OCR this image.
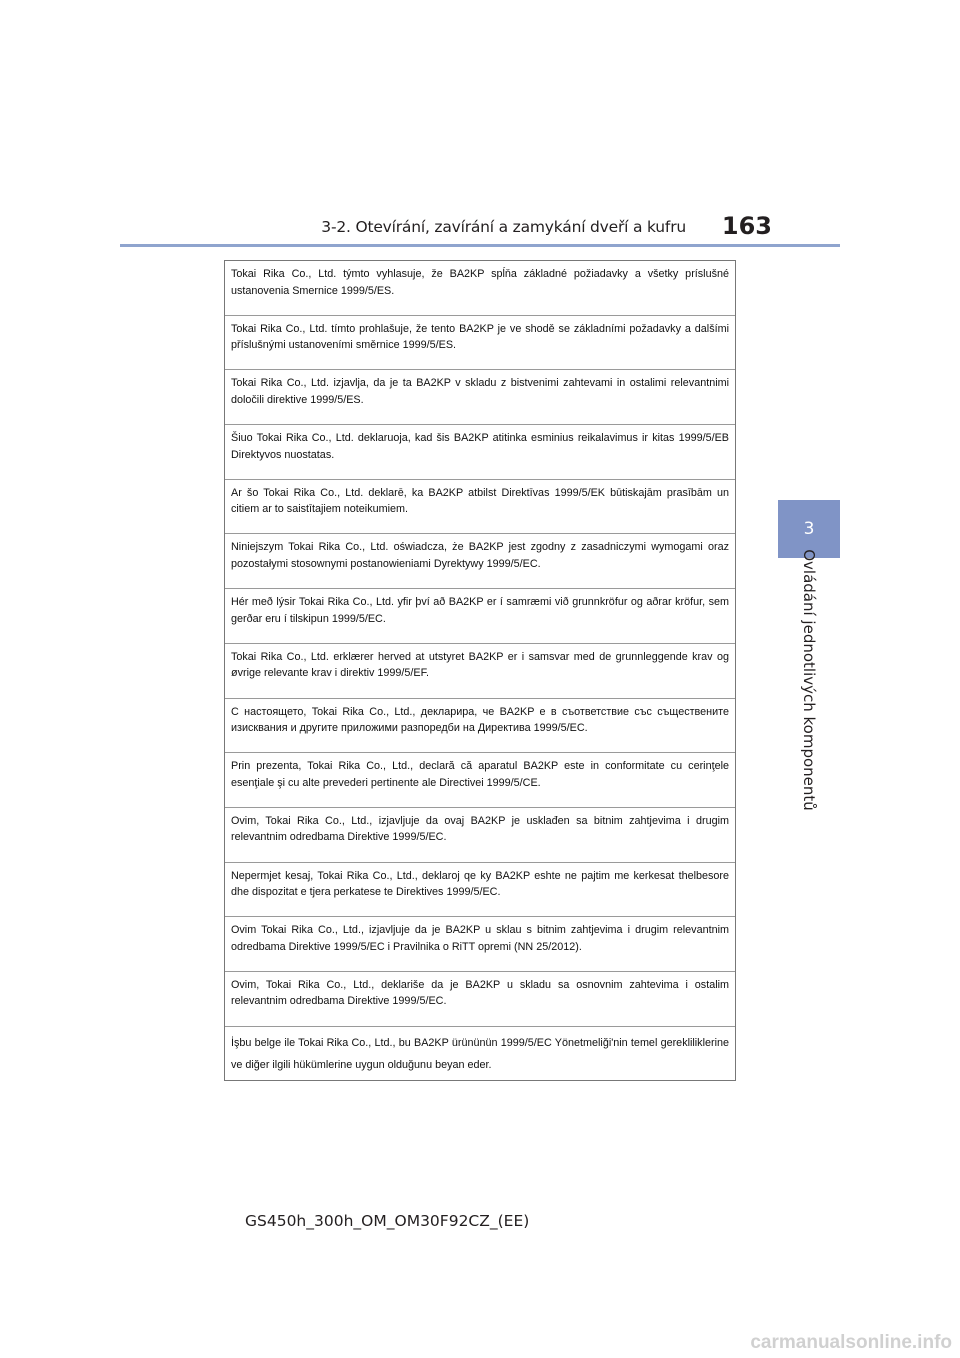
3-2. Otevírání, zavírání a zamykání dveří a kufru 163
3
Ovládání jednotlivých komponentů
Tokai Rika Co., Ltd. týmto vyhlasuje, že BA2KP spĺňa základné požiadavky a všetky príslušné ustanovenia Smernice 1999/5/ES.
Tokai Rika Co., Ltd. tímto prohlašuje, že tento BA2KP je ve shodě se základními požadavky a dalšími příslušnými ustanoveními směrnice 1999/5/ES.
Tokai Rika Co., Ltd. izjavlja, da je ta BA2KP v skladu z bistvenimi zahtevami in ostalimi relevantnimi določili direktive 1999/5/ES.
Šiuo Tokai Rika Co., Ltd. deklaruoja, kad šis BA2KP atitinka esminius reikalavimus ir kitas 1999/5/EB Direktyvos nuostatas.
Ar šo Tokai Rika Co., Ltd. deklarē, ka BA2KP atbilst Direktīvas 1999/5/EK būtiskajām prasībām un citiem ar to saistītajiem noteikumiem.
Niniejszym Tokai Rika Co., Ltd. oświadcza, że BA2KP jest zgodny z zasadniczymi wymogami oraz pozostałymi stosownymi postanowieniami Dyrektywy 1999/5/EC.
Hér með lýsir Tokai Rika Co., Ltd. yfir því að BA2KP er í samræmi við grunnkröfur og aðrar kröfur, sem gerðar eru í tilskipun 1999/5/EC.
Tokai Rika Co., Ltd. erklærer herved at utstyret BA2KP er i samsvar med de grunnleggende krav og øvrige relevante krav i direktiv 1999/5/EF.
С настоящето, Tokai Rika Co., Ltd., декларира, че BA2KP е в съответствие със съществените изисквания и другите приложими разпоредби на Директива 1999/5/ЕС.
Prin prezenta, Tokai Rika Co., Ltd., declară că aparatul BA2KP este in conformitate cu cerinţele esenţiale şi cu alte prevederi pertinente ale Directivei 1999/5/CE.
Ovim, Tokai Rika Co., Ltd., izjavljuje da ovaj BA2KP je usklađen sa bitnim zahtjevima i drugim relevantnim odredbama Direktive 1999/5/EC.
Nepermjet kesaj, Tokai Rika Co., Ltd., deklaroj qe ky BA2KP eshte ne pajtim me kerkesat thelbesore dhe dispozitat e tjera perkatese te Direktives 1999/5/EC.
Ovim Tokai Rika Co., Ltd., izjavljuje da je BA2KP u sklau s bitnim zahtjevima i drugim relevantnim odredbama Direktive 1999/5/EC i Pravilnika o RiTT opremi (NN 25/2012).
Ovim, Tokai Rika Co., Ltd., deklariše da je BA2KP u skladu sa osnovnim zahtevima i ostalim relevantnim odredbama Direktive 1999/5/EC.
İşbu belge ile Tokai Rika Co., Ltd., bu BA2KP ürününün 1999/5/EC Yönetmeliği'nin temel gerekliliklerine ve diğer ilgili hükümlerine uygun olduğunu beyan eder.
GS450h_300h_OM_OM30F92CZ_(EE)
carmanualsonline.info
